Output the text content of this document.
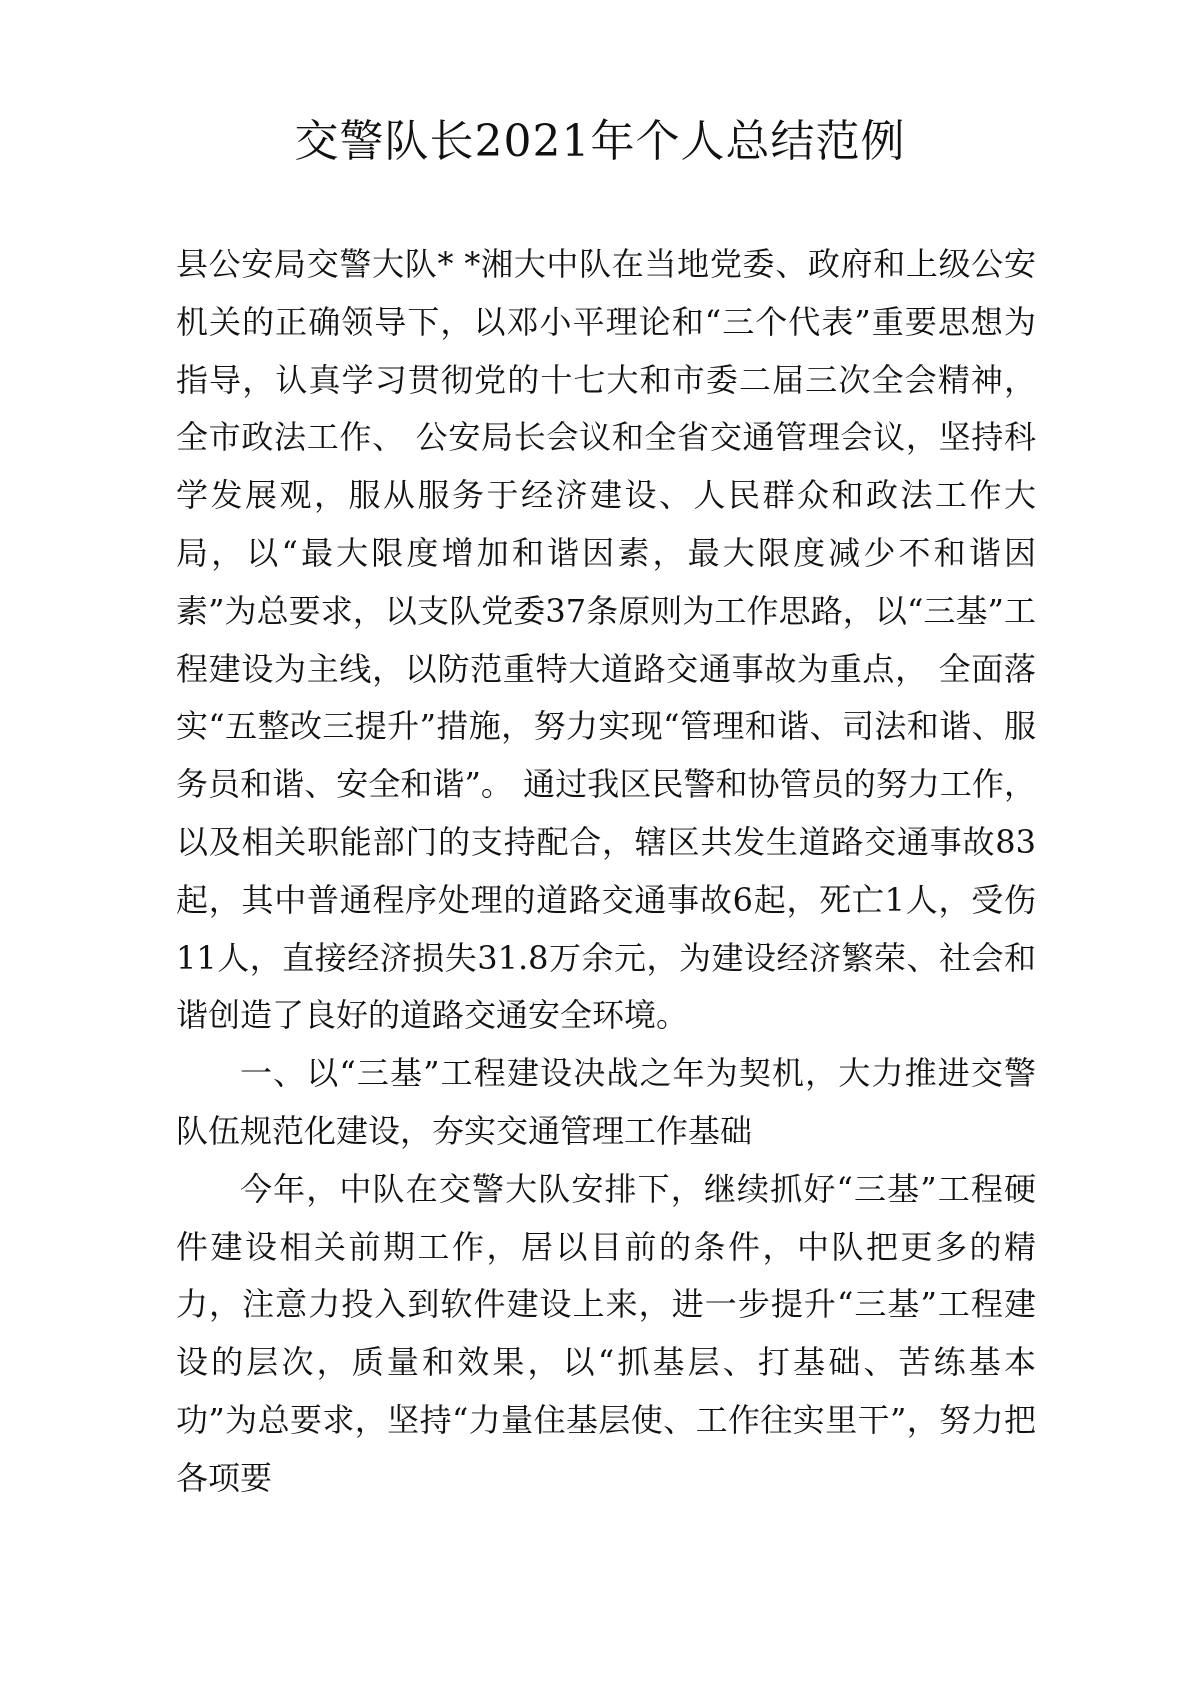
交警队长2021年个人总结范例

县公安局交警大队* *湘大中队在当地党委、政府和上级公安机关的正确领导下，以邓小平理论和“三个代表”重要思想为指导，认真学习贯彻党的十七大和市委二届三次全会精神，全市政法工作、 公安局长会议和全省交通管理会议，坚持科学发展观，服从服务于经济建设、人民群众和政法工作大局，以“最大限度增加和谐因素，最大限度减少不和谐因素”为总要求，以支队党委37条原则为工作思路，以“三基”工程建设为主线，以防范重特大道路交通事故为重点， 全面落实“五整改三提升”措施，努力实现“管理和谐、司法和谐、服务员和谐、安全和谐”。 通过我区民警和协管员的努力工作，以及相关职能部门的支持配合，辖区共发生道路交通事故83起，其中普通程序处理的道路交通事故6起，死亡1人，受伤11人，直接经济损失31.8万余元，为建设经济繁荣、社会和谐创造了良好的道路交通安全环境。

一、以“三基”工程建设决战之年为契机，大力推进交警队伍规范化建设，夯实交通管理工作基础

今年，中队在交警大队安排下，继续抓好“三基”工程硬件建设相关前期工作，居以目前的条件，中队把更多的精力，注意力投入到软件建设上来，进一步提升“三基”工程建设的层次，质量和效果，以“抓基层、打基础、苦练基本功”为总要求，坚持“力量住基层使、工作往实里干”，努力把各项要
